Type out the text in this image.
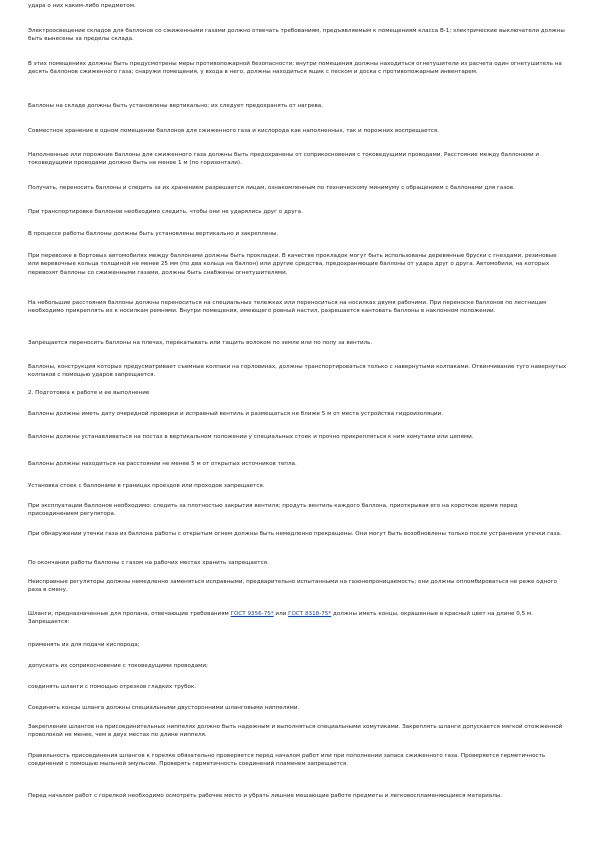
удара о них каким-либо предметом.

Электроосвещение складов для баллонов со сжиженными газами должно отвечать требованиям, предъявляемым к помещениям класса В-1; электрические выключатели должны быть вынесены за пределы склада.

В этих помещениях должны быть предусмотрены меры противопожарной безопасности; внутри помещения должны находиться огнетушители из расчета один огнетушитель на десять баллонов сжиженного газа; снаружи помещения, у входа в него, должны находиться ящик с песком и доска с противопожарным инвентарем.

Баллоны на складе должны быть установлены вертикально; их следует предохранять от нагрева.

Совместное хранение в одном помещении баллонов для сжиженного газа и кислорода как наполненных, так и порожних воспрещается.

Наполненные или порожние баллоны для сжиженного газа должны быть предохранены от соприкосновения с токоведущими проводами. Расстояние между баллонами и токоведущими проводами должно быть не менее 1 м (по горизонтали).

Получать, переносить баллоны и следить за их хранением разрешается лицам, ознакомленным по техническому минимуму с обращением с баллонами для газов.

При транспортировке баллонов необходимо следить, чтобы они не ударялись друг о друга.

В процессе работы баллоны должны быть установлены вертикально и закреплены.

При перевозке в бортовых автомобилях между баллонами должны быть прокладки. В качестве прокладок могут быть использованы деревянные бруски с гнездами, резиновые или веревочные кольца толщиной не менее 25 мм (по два кольца на баллон) или другие средства, предохраняющие баллоны от удара друг о друга. Автомобили, на которых перевозят баллоны со сжиженными газами, должны быть снабжены огнетушителями.

На небольшие расстояния баллоны должны переноситься на специальных тележках или переноситься на носилках двумя рабочими. При переноске баллонов по лестницам необходимо прикреплять их к носилкам ремнями. Внутри помещения, имеющего ровный настил, разрешается кантовать баллоны в наклонном положении.

Запрещается переносить баллоны на плечах, перекатывать или тащить волоком по земле или по полу за вентиль.

Баллоны, конструкция которых предусматривает съемные колпаки на горловинах, должны транспортироваться только с навернутыми колпаками. Отвинчивание туго навернутых колпаков с помощью ударов запрещается.

2. Подготовка к работе и ее выполнение

Баллоны должны иметь дату очередной проверки и исправный вентиль и размещаться не ближе 5 м от места устройства гидроизоляции.

Баллоны должны устанавливаться на постах в вертикальном положении у специальных стоек и прочно прикрепляться к ним хомутами или цепями.

Баллоны должны находиться на расстоянии не менее 5 м от открытых источников тепла.

Установка стоек с баллонами в границах проездов или проходов запрещается.

При эксплуатации баллонов необходимо: следить за плотностью закрытия вентиля; продуть вентиль каждого баллона, приоткрывая его на короткое время перед присоединением регулятора.

При обнаружении утечки газа из баллона работы с открытым огнем должны быть немедленно прекращены. Они могут быть возобновлены только после устранения утечки газа.

По окончании работы баллоны с газом на рабочих местах хранить запрещается.

Неисправные регуляторы должны немедленно заменяться исправными, предварительно испытанными на газонепроницаемость; они должны опломбироваться не реже одного раза в смену.

Шланги, предназначенные для пропана, отвечающие требованиям ГОСТ 9356-75* или ГОСТ 8318-75* должны иметь концы, окрашенные в красный цвет на длине 0,5 м. Запрещается:

применять их для подачи кислорода;

допускать их соприкосновение с токоведущими проводами;

соединять шланги с помощью отрезков гладких трубок.

Соединять концы шланга должны специальными двусторонними шланговыми ниппелями.

Закрепление шлангов на присоединительных ниппелях должно быть надежным и выполняться специальными хомутиками. Закреплять шланги допускается мягкой отожженной проволокой не менее, чем в двух местах по длине ниппеля.

Правильность присоединения шлангов к горелке обязательно проверяется перед началом работ или при пополнении запаса сжиженного газа. Проверяется герметичность соединений с помощью мыльной эмульсии. Проверять герметичность соединений пламенем запрещается.

Перед началом работ с горелкой необходимо осмотреть рабочее место и убрать лишние мешающие работе предметы и легковоспламеняющиеся материалы.
